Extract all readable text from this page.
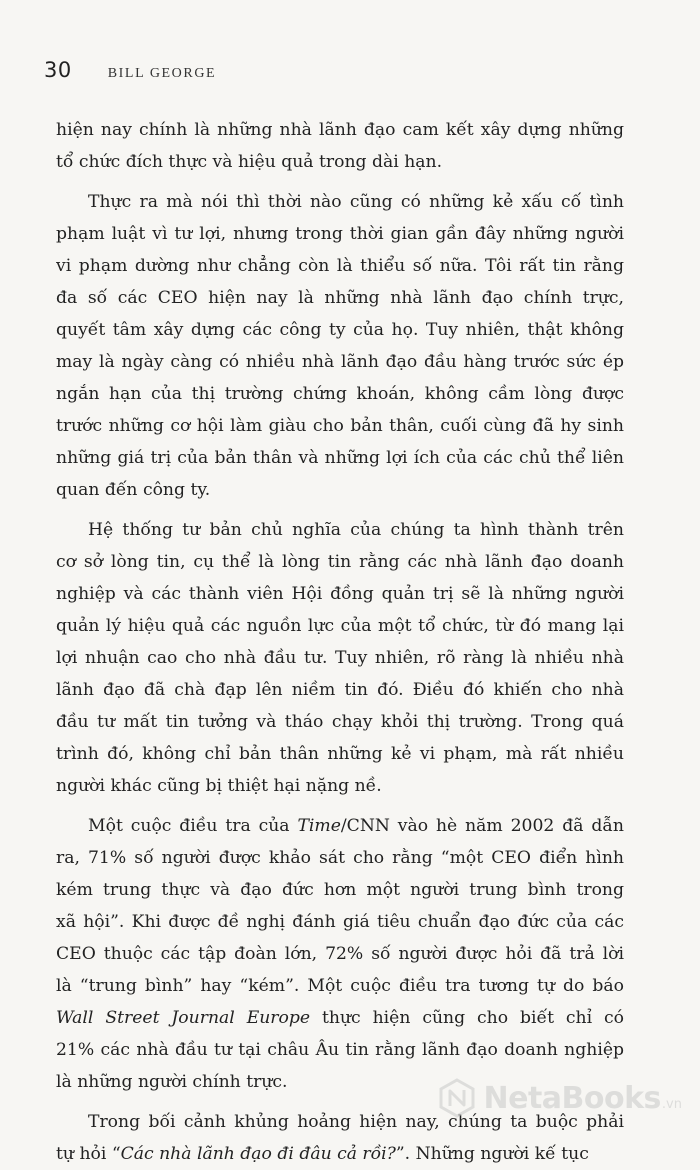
30	BILL GEORGE
hiện nay chính là những nhà lãnh đạo cam kết xây dựng những
tổ chức đích thực và hiệu quả trong dài hạn.
Thực ra mà nói thì thời nào cũng có những kẻ xấu cố tình
phạm luật vì tư lợi, nhưng trong thời gian gần đây những người
vi phạm dường như chẳng còn là thiểu số nữa. Tôi rất tin rằng
đa số các CEO hiện nay là những nhà lãnh đạo chính trực,
quyết tâm xây dựng các công ty của họ. Tuy nhiên, thật không
may là ngày càng có nhiều nhà lãnh đạo đầu hàng trước sức ép
ngắn hạn của thị trường chứng khoán, không cầm lòng được
trước những cơ hội làm giàu cho bản thân, cuối cùng đã hy sinh
những giá trị của bản thân và những lợi ích của các chủ thể liên
quan đến công ty.
Hệ thống tư bản chủ nghĩa của chúng ta hình thành trên
cơ sở lòng tin, cụ thể là lòng tin rằng các nhà lãnh đạo doanh
nghiệp và các thành viên Hội đồng quản trị sẽ là những người
quản lý hiệu quả các nguồn lực của một tổ chức, từ đó mang lại
lợi nhuận cao cho nhà đầu tư. Tuy nhiên, rõ ràng là nhiều nhà
lãnh đạo đã chà đạp lên niềm tin đó. Điều đó khiến cho nhà
đầu tư mất tin tưởng và tháo chạy khỏi thị trường. Trong quá
trình đó, không chỉ bản thân những kẻ vi phạm, mà rất nhiều
người khác cũng bị thiệt hại nặng nề.
Một cuộc điều tra của Time/CNN vào hè năm 2002 đã dẫn
ra, 71% số người được khảo sát cho rằng “một CEO điển hình
kém trung thực và đạo đức hơn một người trung bình trong
xã hội”. Khi được đề nghị đánh giá tiêu chuẩn đạo đức của các
CEO thuộc các tập đoàn lớn, 72% số người được hỏi đã trả lời
là “trung bình” hay “kém”. Một cuộc điều tra tương tự do báo
Wall Street Journal Europe thực hiện cũng cho biết chỉ có
21% các nhà đầu tư tại châu Âu tin rằng lãnh đạo doanh nghiệp
là những người chính trực.
Trong bối cảnh khủng hoảng hiện nay, chúng ta buộc phải
tự hỏi “Các nhà lãnh đạo đi đâu cả rồi?”. Những người kế tục
NetaBooks .vn
